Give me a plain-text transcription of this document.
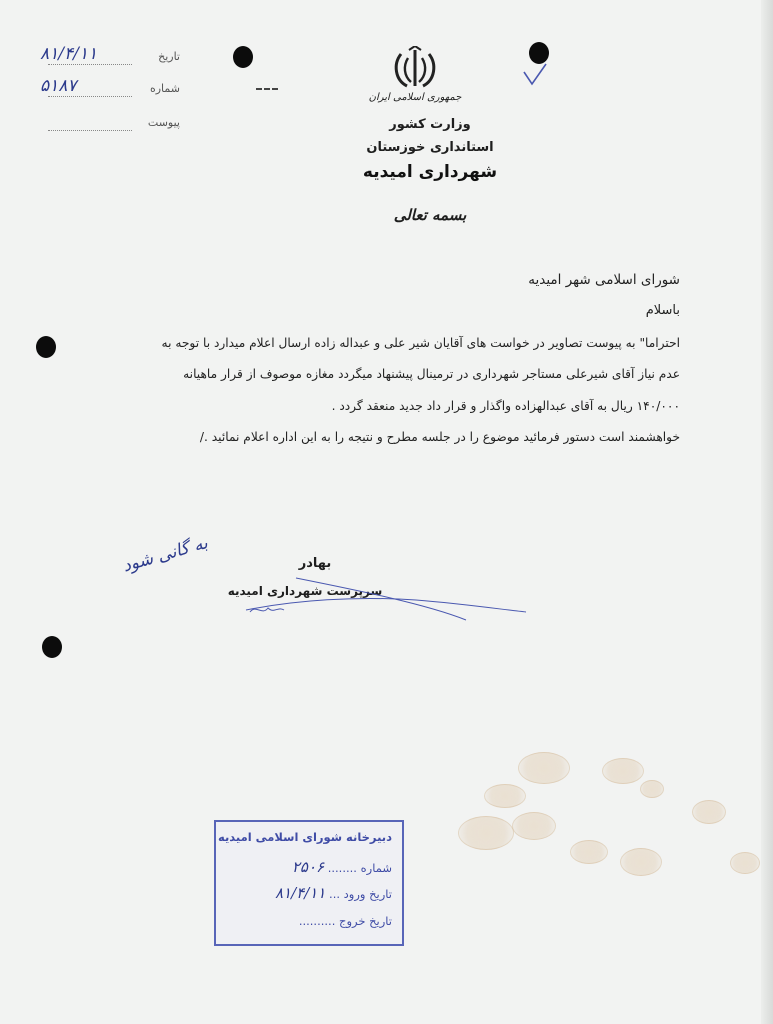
تاریخ
۸۱/۴/۱۱
شماره
۵۱۸۷
پیوست
جمهوری اسلامی ایران
وزارت کشور
استانداری خوزستان
شهرداری امیدیه
بسمه تعالی
شورای اسلامی شهر امیدیه
باسلام
احتراما" به پیوست تصاویر در خواست های آقایان شیر علی و عبداله زاده ارسال اعلام میدارد با توجه به
عدم نیاز آقای شیرعلی مستاجر شهرداری در ترمینال پیشنهاد میگردد مغازه موصوف از قرار ماهیانه
۱۴۰/۰۰۰ ریال به آقای عبدالهزاده واگذار و قرار داد جدید منعقد گردد .
خواهشمند است دستور فرمائید موضوع را در جلسه مطرح و نتیجه را به این اداره اعلام نمائید ./
به گانی شود	بهادر
سرپرست شهرداری امیدیه
دبیرخانه شورای اسلامی امیدیه
شماره ........ ۲۵۰۶
تاریخ ورود ... ۸۱/۴/۱۱
تاریخ خروج ..........
